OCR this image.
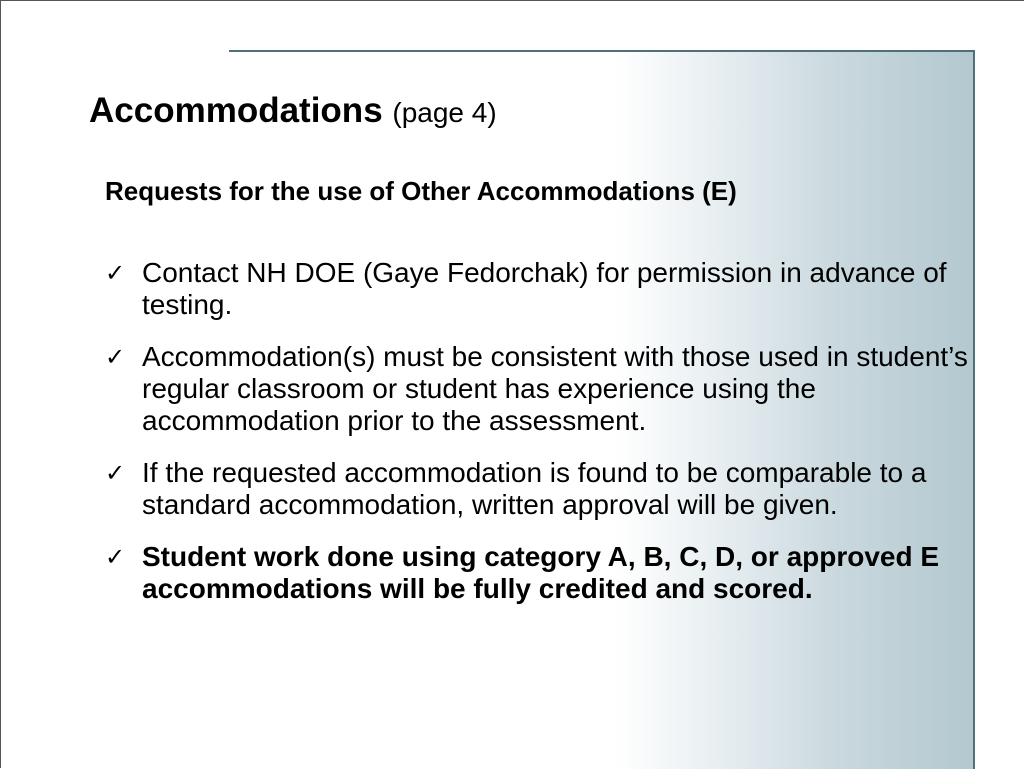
Accommodations (page 4)
Requests for the use of Other Accommodations (E)
✓ Contact NH DOE (Gaye Fedorchak) for permission in advance of testing.
✓ Accommodation(s) must be consistent with those used in student’s regular classroom or student has experience using the accommodation prior to the assessment.
✓ If the requested accommodation is found to be comparable to a standard accommodation, written approval will be given.
✓ Student work done using category A, B, C, D, or approved E accommodations will be fully credited and scored.
